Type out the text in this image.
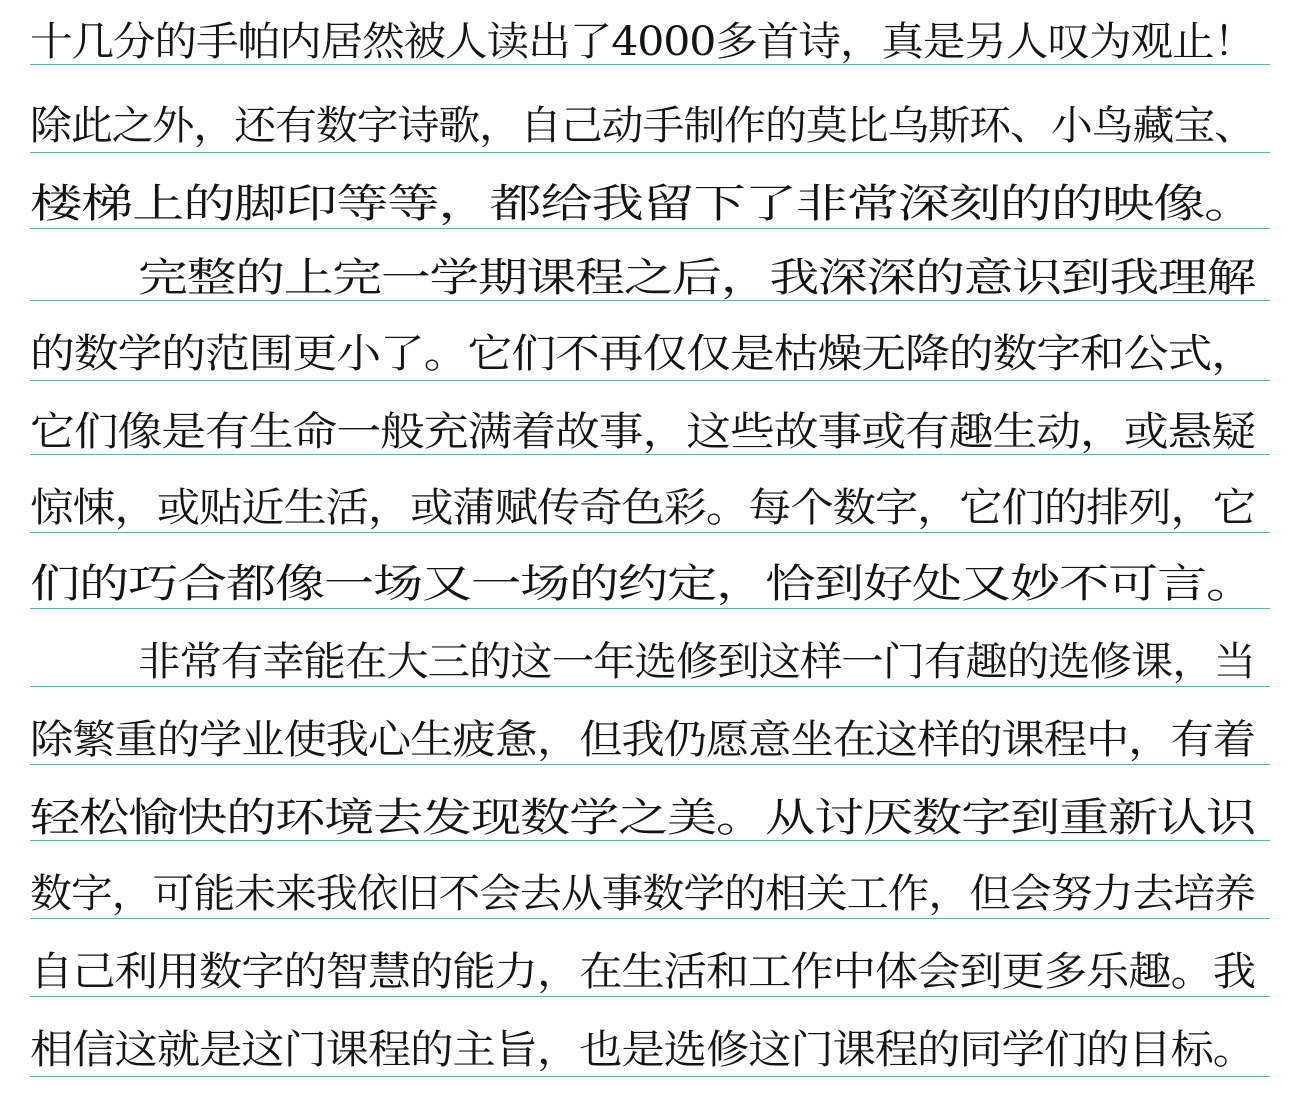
十几分的手帕内居然被人读出了4000多首诗，真是另人叹为观止！
除此之外，还有数字诗歌，自己动手制作的莫比乌斯环、小鸟藏宝、
楼梯上的脚印等等，都给我留下了非常深刻的的映像。
完整的上完一学期课程之后，我深深的意识到我理解
的数学的范围更小了。它们不再仅仅是枯燥无降的数字和公式，
它们像是有生命一般充满着故事，这些故事或有趣生动，或悬疑
惊悚，或贴近生活，或蒲赋传奇色彩。每个数字，它们的排列，它
们的巧合都像一场又一场的约定，恰到好处又妙不可言。
非常有幸能在大三的这一年选修到这样一门有趣的选修课，当
除繁重的学业使我心生疲惫，但我仍愿意坐在这样的课程中，有着
轻松愉快的环境去发现数学之美。从讨厌数字到重新认识
数字，可能未来我依旧不会去从事数学的相关工作，但会努力去培养
自己利用数字的智慧的能力，在生活和工作中体会到更多乐趣。我
相信这就是这门课程的主旨，也是选修这门课程的同学们的目标。
